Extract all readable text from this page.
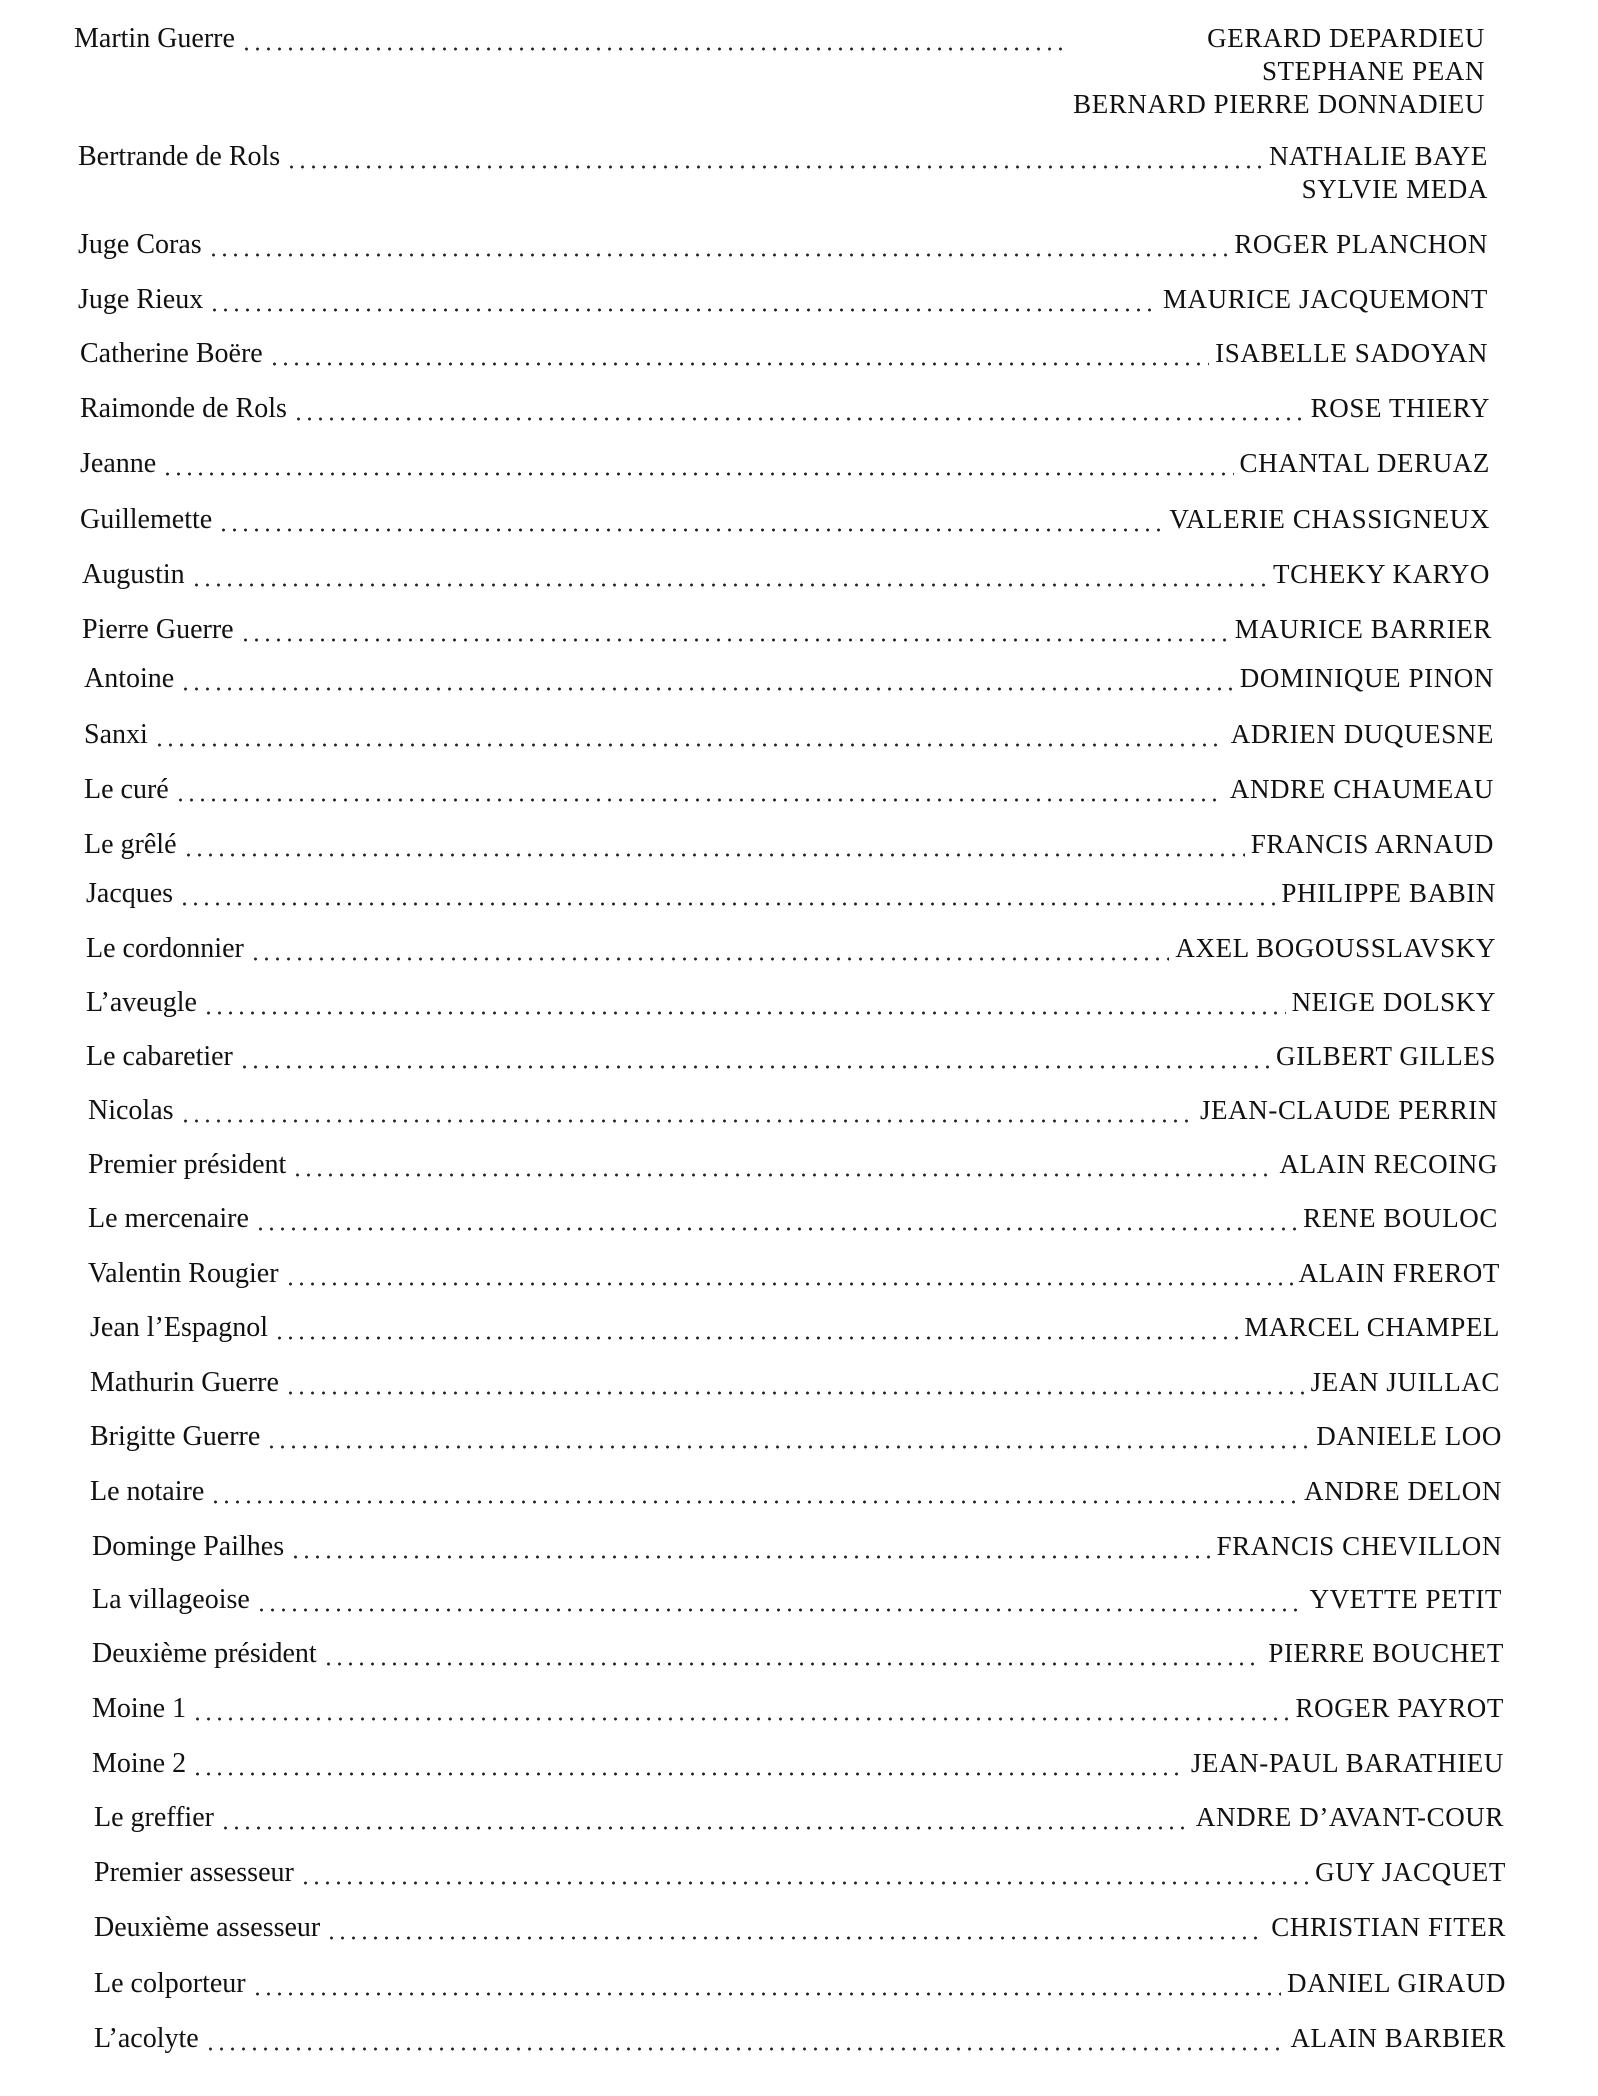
Martin Guerre	GERARD DEPARDIEU
STEPHANE PEAN
BERNARD PIERRE DONNADIEU
Bertrande de Rols	NATHALIE BAYE
SYLVIE MEDA
Juge Coras	ROGER PLANCHON
Juge Rieux	MAURICE JACQUEMONT
Catherine Boëre	ISABELLE SADOYAN
Raimonde de Rols	ROSE THIERY
Jeanne	CHANTAL DERUAZ
Guillemette	VALERIE CHASSIGNEUX
Augustin	TCHEKY KARYO
Pierre Guerre	MAURICE BARRIER
Antoine	DOMINIQUE PINON
Sanxi	ADRIEN DUQUESNE
Le curé	ANDRE CHAUMEAU
Le grêlé	FRANCIS ARNAUD
Jacques	PHILIPPE BABIN
Le cordonnier	AXEL BOGOUSSLAVSKY
L’aveugle	NEIGE DOLSKY
Le cabaretier	GILBERT GILLES
Nicolas	JEAN-CLAUDE PERRIN
Premier président	ALAIN RECOING
Le mercenaire	RENE BOULOC
Valentin Rougier	ALAIN FREROT
Jean l’Espagnol	MARCEL CHAMPEL
Mathurin Guerre	JEAN JUILLAC
Brigitte Guerre	DANIELE LOO
Le notaire	ANDRE DELON
Dominge Pailhes	FRANCIS CHEVILLON
La villageoise	YVETTE PETIT
Deuxième président	PIERRE BOUCHET
Moine 1	ROGER PAYROT
Moine 2	JEAN-PAUL BARATHIEU
Le greffier	ANDRE D’AVANT-COUR
Premier assesseur	GUY JACQUET
Deuxième assesseur	CHRISTIAN FITER
Le colporteur	DANIEL GIRAUD
L’acolyte	ALAIN BARBIER
